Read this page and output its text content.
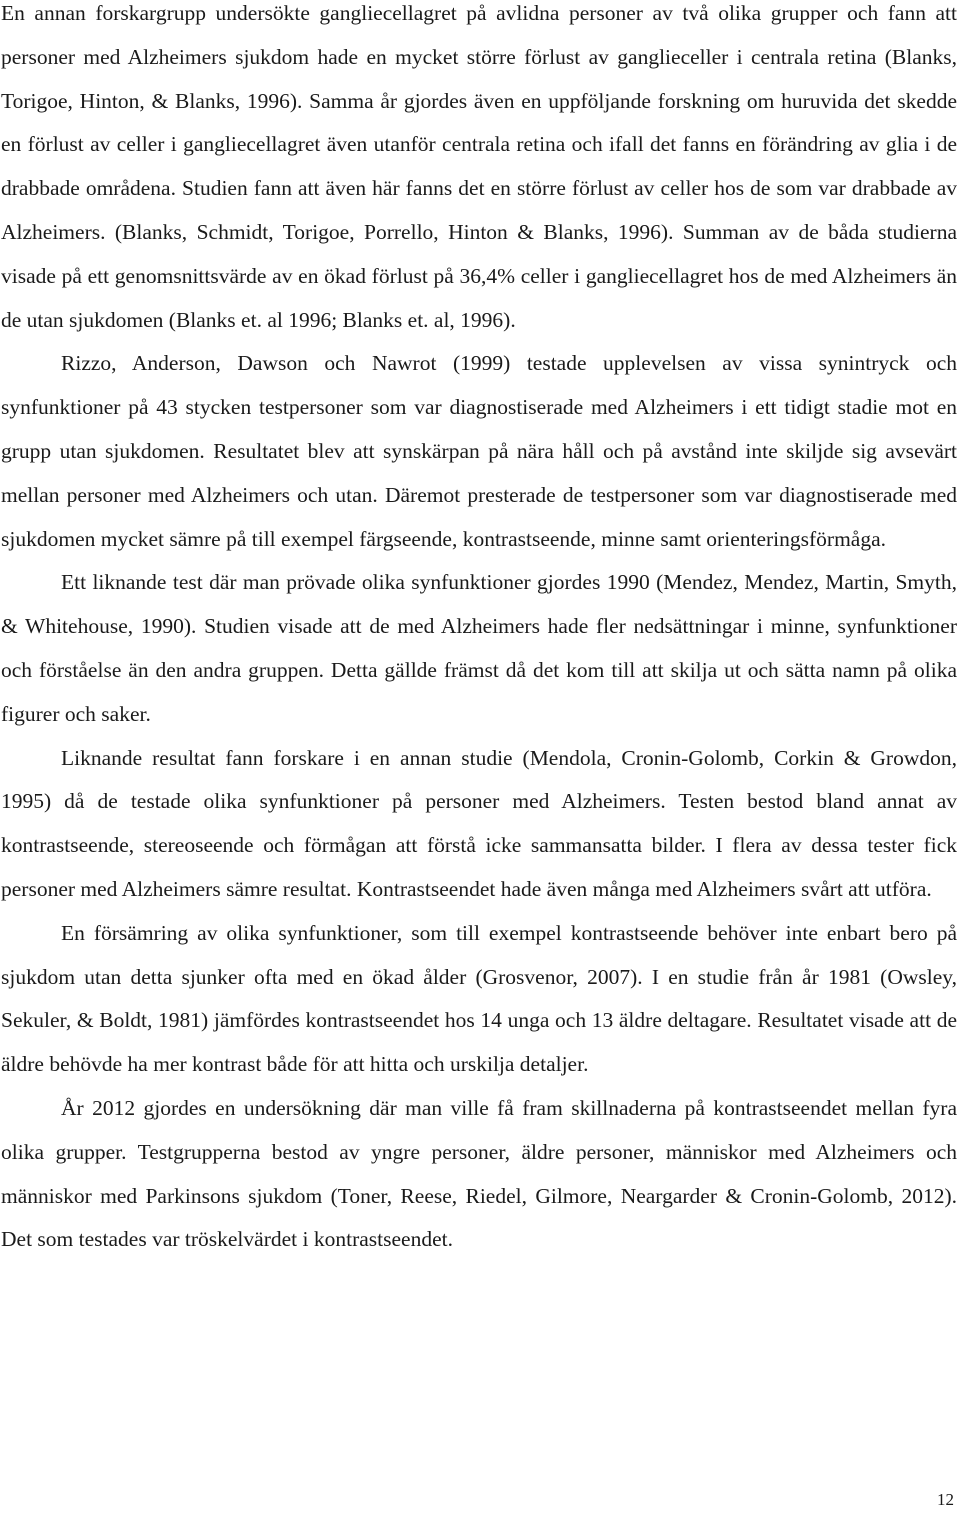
En annan forskargrupp undersökte gangliecellagret på avlidna personer av två olika grupper och fann att personer med Alzheimers sjukdom hade en mycket större förlust av ganglieceller i centrala retina (Blanks, Torigoe, Hinton, & Blanks, 1996). Samma år gjordes även en uppföljande forskning om huruvida det skedde en förlust av celler i gangliecellagret även utanför centrala retina och ifall det fanns en förändring av glia i de drabbade områdena. Studien fann att även här fanns det en större förlust av celler hos de som var drabbade av Alzheimers. (Blanks, Schmidt, Torigoe, Porrello, Hinton & Blanks, 1996). Summan av de båda studierna visade på ett genomsnittsvärde av en ökad förlust på 36,4% celler i gangliecellagret hos de med Alzheimers än de utan sjukdomen (Blanks et. al 1996; Blanks et. al, 1996).

Rizzo, Anderson, Dawson och Nawrot (1999) testade upplevelsen av vissa synintryck och synfunktioner på 43 stycken testpersoner som var diagnostiserade med Alzheimers i ett tidigt stadie mot en grupp utan sjukdomen. Resultatet blev att synskärpan på nära håll och på avstånd inte skiljde sig avsevärt mellan personer med Alzheimers och utan. Däremot presterade de testpersoner som var diagnostiserade med sjukdomen mycket sämre på till exempel färgseende, kontrastseende, minne samt orienteringsförmåga.

Ett liknande test där man prövade olika synfunktioner gjordes 1990 (Mendez, Mendez, Martin, Smyth, & Whitehouse, 1990). Studien visade att de med Alzheimers hade fler nedsättningar i minne, synfunktioner och förståelse än den andra gruppen. Detta gällde främst då det kom till att skilja ut och sätta namn på olika figurer och saker.

Liknande resultat fann forskare i en annan studie (Mendola, Cronin-Golomb, Corkin & Growdon, 1995) då de testade olika synfunktioner på personer med Alzheimers. Testen bestod bland annat av kontrastseende, stereoseende och förmågan att förstå icke sammansatta bilder. I flera av dessa tester fick personer med Alzheimers sämre resultat. Kontrastseendet hade även många med Alzheimers svårt att utföra.

En försämring av olika synfunktioner, som till exempel kontrastseende behöver inte enbart bero på sjukdom utan detta sjunker ofta med en ökad ålder (Grosvenor, 2007). I en studie från år 1981 (Owsley, Sekuler, & Boldt, 1981) jämfördes kontrastseendet hos 14 unga och 13 äldre deltagare. Resultatet visade att de äldre behövde ha mer kontrast både för att hitta och urskilja detaljer.

År 2012 gjordes en undersökning där man ville få fram skillnaderna på kontrastseendet mellan fyra olika grupper. Testgrupperna bestod av yngre personer, äldre personer, människor med Alzheimers och människor med Parkinsons sjukdom (Toner, Reese, Riedel, Gilmore, Neargarder & Cronin-Golomb, 2012). Det som testades var tröskelvärdet i kontrastseendet.

12
